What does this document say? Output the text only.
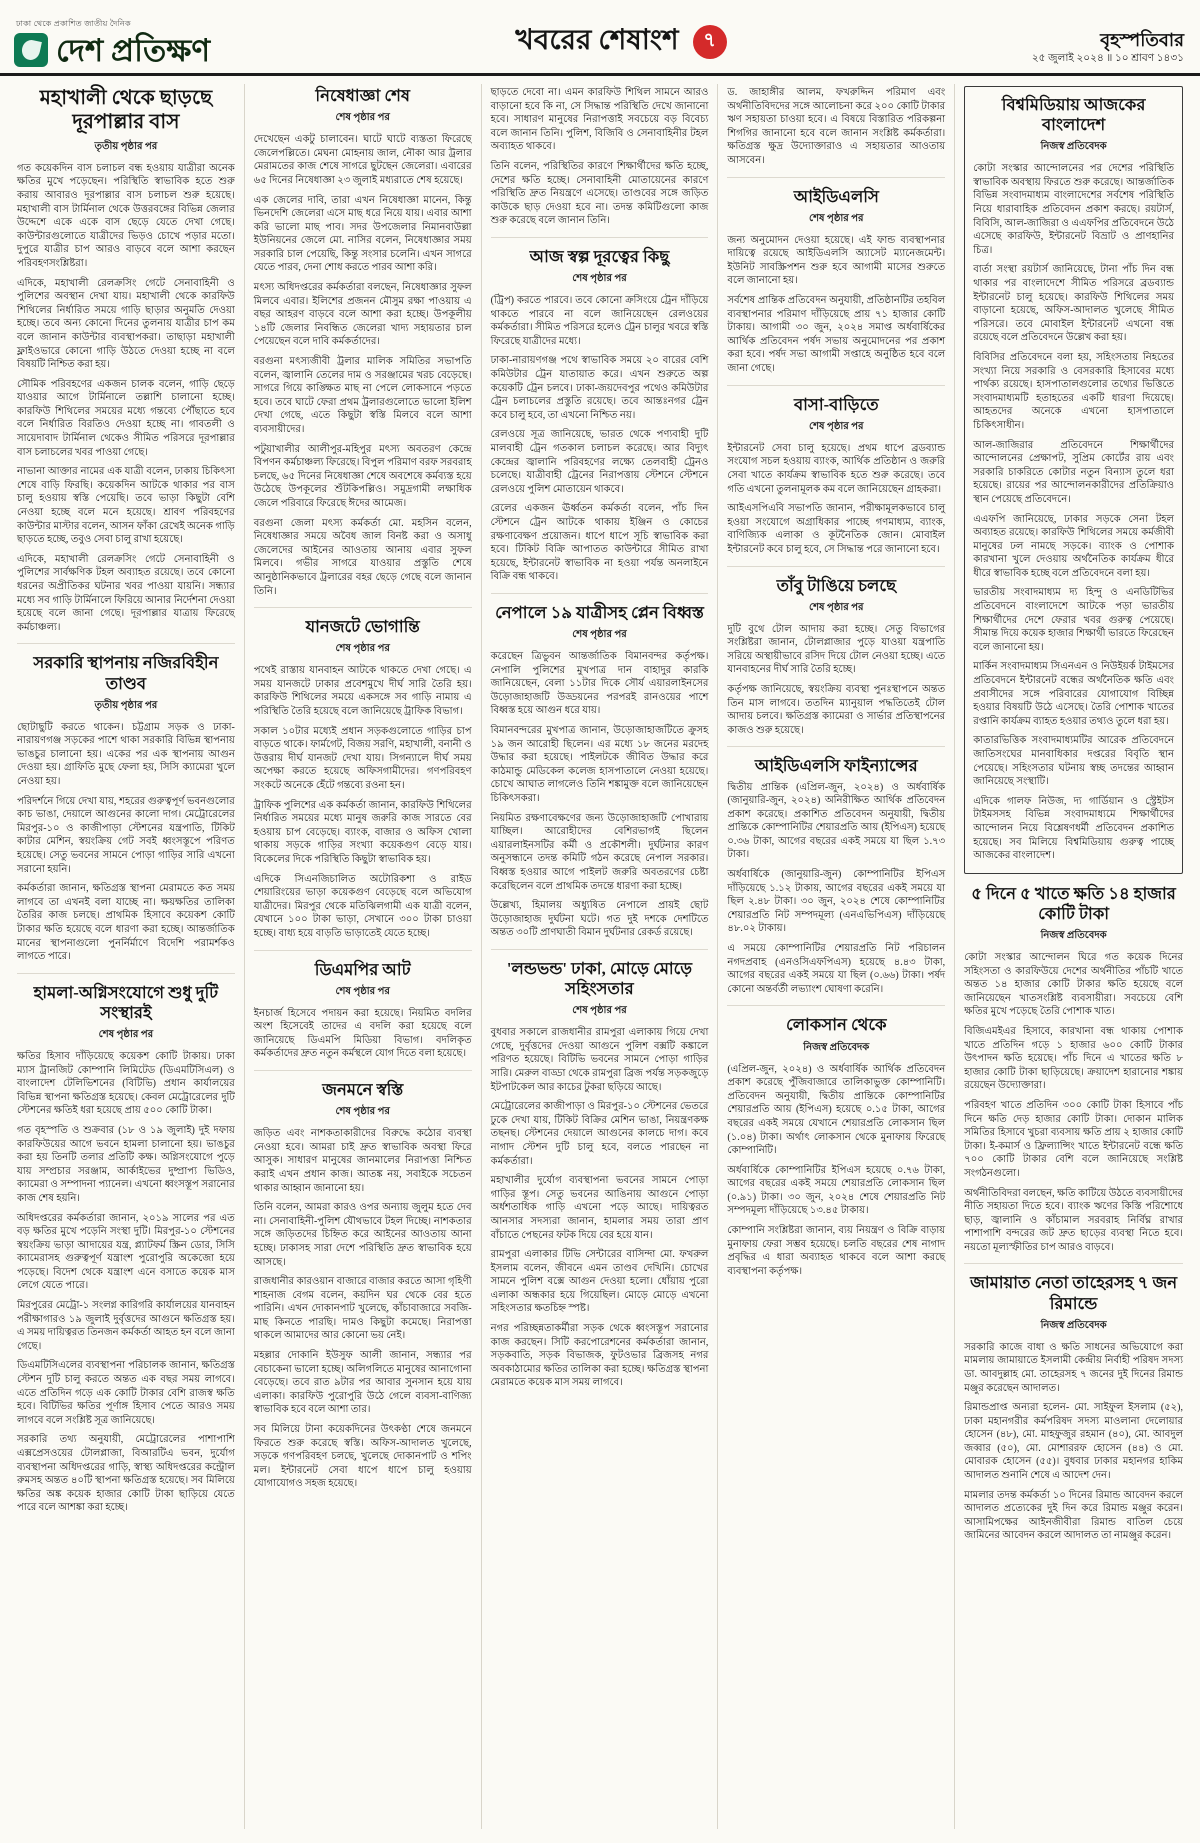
ঢাকা থেকে প্রকাশিত জাতীয় দৈনিক
দেশ প্রতিক্ষণ	খবরের শেষাংশ	৭	বৃহস্পতিবার
২৫ জুলাই ২০২৪ ॥ ১০ শ্রাবণ ১৪৩১
মহাখালী থেকে ছাড়ছে দূরপাল্লার বাস
তৃতীয় পৃষ্ঠার পর

গত কয়েকদিন বাস চলাচল বন্ধ হওয়ায় যাত্রীরা অনেক ক্ষতির মুখে পড়েছেন। পরিস্থিতি স্বাভাবিক হতে শুরু করায় আবারও দূরপাল্লার বাস চলাচল শুরু হয়েছে। মহাখালী বাস টার্মিনাল থেকে উত্তরবঙ্গের বিভিন্ন জেলার উদ্দেশে একে একে বাস ছেড়ে যেতে দেখা গেছে। কাউন্টারগুলোতে যাত্রীদের ভিড়ও চোখে পড়ার মতো। দুপুরে যাত্রীর চাপ আরও বাড়বে বলে আশা করছেন পরিবহণসংশ্লিষ্টরা।

এদিকে, মহাখালী রেলক্রসিং গেটে সেনাবাহিনী ও পুলিশের অবস্থান দেখা যায়। মহাখালী থেকে কারফিউ শিথিলের নির্ধারিত সময়ে গাড়ি ছাড়ার অনুমতি দেওয়া হচ্ছে। তবে অন্য কোনো দিনের তুলনায় যাত্রীর চাপ কম বলে জানান কাউন্টার ব্যবস্থাপকরা। তাছাড়া মহাখালী ফ্লাইওভারে কোনো গাড়ি উঠতে দেওয়া হচ্ছে না বলে বিষয়টি নিশ্চিত করা হয়।

সৌমিক পরিবহণের একজন চালক বলেন, গাড়ি ছেড়ে যাওয়ার আগে টার্মিনালে তল্লাশি চালানো হচ্ছে। কারফিউ শিথিলের সময়ের মধ্যে গন্তব্যে পৌঁছাতে হবে বলে নির্ধারিত বিরতিও দেওয়া হচ্ছে না। গাবতলী ও সায়েদাবাদ টার্মিনাল থেকেও সীমিত পরিসরে দূরপাল্লার বাস চলাচলের খবর পাওয়া গেছে।

নাভানা আক্তার নামের এক যাত্রী বলেন, ঢাকায় চিকিৎসা শেষে বাড়ি ফিরছি। কয়েকদিন আটকে থাকার পর বাস চালু হওয়ায় স্বস্তি পেয়েছি। তবে ভাড়া কিছুটা বেশি নেওয়া হচ্ছে বলে মনে হয়েছে। শ্রাবণ পরিবহণের কাউন্টার মাস্টার বলেন, আসন ফাঁকা রেখেই অনেক গাড়ি ছাড়তে হচ্ছে, তবুও সেবা চালু রাখা হয়েছে।

এদিকে, মহাখালী রেলক্রসিং গেটে সেনাবাহিনী ও পুলিশের সার্বক্ষণিক টহল অব্যাহত রয়েছে। তবে কোনো ধরনের অপ্রীতিকর ঘটনার খবর পাওয়া যায়নি। সন্ধ্যার মধ্যে সব গাড়ি টার্মিনালে ফিরিয়ে আনার নির্দেশনা দেওয়া হয়েছে বলে জানা গেছে। দূরপাল্লার যাত্রায় ফিরেছে কর্মচাঞ্চল্য।

সরকারি স্থাপনায় নজিরবিহীন তাণ্ডব
তৃতীয় পৃষ্ঠার পর

ছোটাছুটি করতে থাকেন। চট্টগ্রাম সড়ক ও ঢাকা-নারায়ণগঞ্জ সড়কের পাশে থাকা সরকারি বিভিন্ন স্থাপনায় ভাঙচুর চালানো হয়। একের পর এক স্থাপনায় আগুন দেওয়া হয়। গ্রাফিতি মুছে ফেলা হয়, সিসি ক্যামেরা খুলে নেওয়া হয়।

পরিদর্শনে গিয়ে দেখা যায়, শহরের গুরুত্বপূর্ণ ভবনগুলোর কাচ ভাঙা, দেয়ালে আগুনের কালো দাগ। মেট্রোরেলের মিরপুর-১০ ও কাজীপাড়া স্টেশনের যন্ত্রপাতি, টিকিট কাটার মেশিন, স্বয়ংক্রিয় গেট সবই ধ্বংসস্তূপে পরিণত হয়েছে। সেতু ভবনের সামনে পোড়া গাড়ির সারি এখনো সরানো হয়নি।

কর্মকর্তারা জানান, ক্ষতিগ্রস্ত স্থাপনা মেরামতে কত সময় লাগবে তা এখনই বলা যাচ্ছে না। ক্ষয়ক্ষতির তালিকা তৈরির কাজ চলছে। প্রাথমিক হিসাবে কয়েকশ কোটি টাকার ক্ষতি হয়েছে বলে ধারণা করা হচ্ছে। আন্তর্জাতিক মানের স্থাপনাগুলো পুনর্নির্মাণে বিদেশি পরামর্শকও লাগতে পারে।

হামলা-অগ্নিসংযোগে শুধু দুটি সংস্থারই
শেষ পৃষ্ঠার পর

ক্ষতির হিসাব দাঁড়িয়েছে কয়েকশ কোটি টাকায়। ঢাকা ম্যাস ট্রানজিট কোম্পানি লিমিটেড (ডিএমটিসিএল) ও বাংলাদেশ টেলিভিশনের (বিটিভি) প্রধান কার্যালয়ের বিভিন্ন স্থাপনা ক্ষতিগ্রস্ত হয়েছে। কেবল মেট্রোরেলের দুটি স্টেশনের ক্ষতিই ধরা হয়েছে প্রায় ৫০০ কোটি টাকা।

গত বৃহস্পতি ও শুক্রবার (১৮ ও ১৯ জুলাই) দুই দফায় কারফিউয়ের আগে ভবনে হামলা চালানো হয়। ভাঙচুর করা হয় তিনটি তলার প্রতিটি কক্ষ। অগ্নিসংযোগে পুড়ে যায় সম্প্রচার সরঞ্জাম, আর্কাইভের দুষ্প্রাপ্য ভিডিও, ক্যামেরা ও সম্পাদনা প্যানেল। এখনো ধ্বংসস্তূপ সরানোর কাজ শেষ হয়নি।

অধিদপ্তরের কর্মকর্তারা জানান, ২০১৯ সালের পর এত বড় ক্ষতির মুখে পড়েনি সংস্থা দুটি। মিরপুর-১০ স্টেশনের স্বয়ংক্রিয় ভাড়া আদায়ের যন্ত্র, প্ল্যাটফর্ম স্ক্রিন ডোর, সিসি ক্যামেরাসহ গুরুত্বপূর্ণ যন্ত্রাংশ পুরোপুরি অকেজো হয়ে পড়েছে। বিদেশ থেকে যন্ত্রাংশ এনে বসাতে কয়েক মাস লেগে যেতে পারে।

মিরপুরের মেট্রো-১ সংলগ্ন কারিগরি কার্যালয়ের যানবাহন পরীক্ষাগারও ১৯ জুলাই দুর্বৃত্তদের আগুনে ক্ষতিগ্রস্ত হয়। এ সময় দায়িত্বরত তিনজন কর্মকর্তা আহত হন বলে জানা গেছে।

ডিএমটিসিএলের ব্যবস্থাপনা পরিচালক জানান, ক্ষতিগ্রস্ত স্টেশন দুটি চালু করতে অন্তত এক বছর সময় লাগবে। এতে প্রতিদিন গড়ে এক কোটি টাকার বেশি রাজস্ব ক্ষতি হবে। বিটিভির ক্ষতির পূর্ণাঙ্গ হিসাব পেতে আরও সময় লাগবে বলে সংশ্লিষ্ট সূত্র জানিয়েছে।

সরকারি তথ্য অনুযায়ী, মেট্রোরেলের পাশাপাশি এক্সপ্রেসওয়ের টোলপ্লাজা, বিআরটিএ ভবন, দুর্যোগ ব্যবস্থাপনা অধিদপ্তরের গাড়ি, স্বাস্থ্য অধিদপ্তরের কন্ট্রোল রুমসহ অন্তত ৪০টি স্থাপনা ক্ষতিগ্রস্ত হয়েছে। সব মিলিয়ে ক্ষতির অঙ্ক কয়েক হাজার কোটি টাকা ছাড়িয়ে যেতে পারে বলে আশঙ্কা করা হচ্ছে।

নিষেধাজ্ঞা শেষ
শেষ পৃষ্ঠার পর

দেখেছেন একটু চালাবেন। ঘাটে ঘাটে ব্যস্ততা ফিরেছে জেলেপল্লিতে। মেঘনা মোহনায় জাল, নৌকা আর ট্রলার মেরামতের কাজ শেষে সাগরে ছুটছেন জেলেরা। এবারের ৬৫ দিনের নিষেধাজ্ঞা ২৩ জুলাই মধ্যরাতে শেষ হয়েছে।

এক জেলের দাবি, তারা এখন নিষেধাজ্ঞা মানেন, কিন্তু ভিনদেশি জেলেরা এসে মাছ ধরে নিয়ে যায়। এবার আশা করি ভালো মাছ পাব। সদর উপজেলার নিমানবাউল্লা ইউনিয়নের জেলে মো. নাসির বলেন, নিষেধাজ্ঞার সময় সরকারি চাল পেয়েছি, কিন্তু সংসার চলেনি। এখন সাগরে যেতে পারব, দেনা শোধ করতে পারব আশা করি।

মৎস্য অধিদপ্তরের কর্মকর্তারা বলছেন, নিষেধাজ্ঞার সুফল মিলবে এবার। ইলিশের প্রজনন মৌসুম রক্ষা পাওয়ায় এ বছর আহরণ বাড়বে বলে আশা করা হচ্ছে। উপকূলীয় ১৪টি জেলার নিবন্ধিত জেলেরা খাদ্য সহায়তার চাল পেয়েছেন বলে দাবি কর্মকর্তাদের।

বরগুনা মৎস্যজীবী ট্রলার মালিক সমিতির সভাপতি বলেন, জ্বালানি তেলের দাম ও সরঞ্জামের খরচ বেড়েছে। সাগরে গিয়ে কাঙ্ক্ষিত মাছ না পেলে লোকসানে পড়তে হবে। তবে ঘাটে ফেরা প্রথম ট্রলারগুলোতে ভালো ইলিশ দেখা গেছে, এতে কিছুটা স্বস্তি মিলবে বলে আশা ব্যবসায়ীদের।

পটুয়াখালীর আলীপুর-মহিপুর মৎস্য অবতরণ কেন্দ্রে বিপণন কর্মচাঞ্চল্য ফিরেছে। বিপুল পরিমাণ বরফ সরবরাহ চলছে, ৬৫ দিনের নিষেধাজ্ঞা শেষে অবশেষে কর্মব্যস্ত হয়ে উঠেছে উপকূলের শুঁটকিপল্লিও। সমুদ্রগামী লক্ষাধিক জেলে পরিবারে ফিরেছে ঈদের আমেজ।

বরগুনা জেলা মৎস্য কর্মকর্তা মো. মহসিন বলেন, নিষেধাজ্ঞার সময়ে অবৈধ জাল বিনষ্ট করা ও অসাধু জেলেদের আইনের আওতায় আনায় এবার সুফল মিলবে। গভীর সাগরে যাওয়ার প্রস্তুতি শেষে আনুষ্ঠানিকভাবে ট্রলারের বহর ছেড়ে গেছে বলে জানান তিনি।

যানজটে ভোগান্তি
শেষ পৃষ্ঠার পর

পথেই রাস্তায় যানবাহন আটকে থাকতে দেখা গেছে। এ সময় যানজটে ঢাকার প্রবেশমুখে দীর্ঘ সারি তৈরি হয়। কারফিউ শিথিলের সময়ে একসঙ্গে সব গাড়ি নামায় এ পরিস্থিতি তৈরি হয়েছে বলে জানিয়েছে ট্রাফিক বিভাগ।

সকাল ১০টার মধ্যেই প্রধান সড়কগুলোতে গাড়ির চাপ বাড়তে থাকে। ফার্মগেট, বিজয় সরণি, মহাখালী, বনানী ও উত্তরায় দীর্ঘ যানজট দেখা যায়। সিগন্যালে দীর্ঘ সময় অপেক্ষা করতে হয়েছে অফিসগামীদের। গণপরিবহণ সংকটে অনেকে হেঁটে গন্তব্যে রওনা হন।

ট্রাফিক পুলিশের এক কর্মকর্তা জানান, কারফিউ শিথিলের নির্ধারিত সময়ের মধ্যে মানুষ জরুরি কাজ সারতে বের হওয়ায় চাপ বেড়েছে। ব্যাংক, বাজার ও অফিস খোলা থাকায় সড়কে গাড়ির সংখ্যা কয়েকগুণ বেড়ে যায়। বিকেলের দিকে পরিস্থিতি কিছুটা স্বাভাবিক হয়।

এদিকে সিএনজিচালিত অটোরিকশা ও রাইড শেয়ারিংয়ের ভাড়া কয়েকগুণ বেড়েছে বলে অভিযোগ যাত্রীদের। মিরপুর থেকে মতিঝিলগামী এক যাত্রী বলেন, যেখানে ১০০ টাকা ভাড়া, সেখানে ৩০০ টাকা চাওয়া হচ্ছে। বাধ্য হয়ে বাড়তি ভাড়াতেই যেতে হচ্ছে।

ডিএমপির আট
শেষ পৃষ্ঠার পর

ইনচার্জ হিসেবে পদায়ন করা হয়েছে। নিয়মিত বদলির অংশ হিসেবেই তাদের এ বদলি করা হয়েছে বলে জানিয়েছে ডিএমপি মিডিয়া বিভাগ। বদলিকৃত কর্মকর্তাদের দ্রুত নতুন কর্মস্থলে যোগ দিতে বলা হয়েছে।

জনমনে স্বস্তি
শেষ পৃষ্ঠার পর

জড়িত এবং নাশকতাকারীদের বিরুদ্ধে কঠোর ব্যবস্থা নেওয়া হবে। আমরা চাই দ্রুত স্বাভাবিক অবস্থা ফিরে আসুক। সাধারণ মানুষের জানমালের নিরাপত্তা নিশ্চিত করাই এখন প্রধান কাজ। আতঙ্ক নয়, সবাইকে সচেতন থাকার আহ্বান জানানো হয়।

তিনি বলেন, আমরা কারও ওপর অন্যায় জুলুম হতে দেব না। সেনাবাহিনী-পুলিশ যৌথভাবে টহল দিচ্ছে। নাশকতার সঙ্গে জড়িতদের চিহ্নিত করে আইনের আওতায় আনা হচ্ছে। ঢাকাসহ সারা দেশে পরিস্থিতি দ্রুত স্বাভাবিক হয়ে আসছে।

রাজধানীর কারওয়ান বাজারে বাজার করতে আসা গৃহিণী শাহনাজ বেগম বলেন, কয়দিন ঘর থেকে বের হতে পারিনি। এখন দোকানপাট খুলেছে, কাঁচাবাজারে সবজি-মাছ কিনতে পারছি। দামও কিছুটা কমেছে। নিরাপত্তা থাকলে আমাদের আর কোনো ভয় নেই।

মহল্লার দোকানি ইউসুফ আলী জানান, সন্ধ্যার পর বেচাকেনা ভালো হচ্ছে। অলিগলিতে মানুষের আনাগোনা বেড়েছে। তবে রাত ৯টার পর আবার সুনসান হয়ে যায় এলাকা। কারফিউ পুরোপুরি উঠে গেলে ব্যবসা-বাণিজ্য স্বাভাবিক হবে বলে আশা তার।

সব মিলিয়ে টানা কয়েকদিনের উৎকণ্ঠা শেষে জনমনে ফিরতে শুরু করেছে স্বস্তি। অফিস-আদালত খুলেছে, সড়কে গণপরিবহণ চলছে, খুলেছে দোকানপাট ও শপিং মল। ইন্টারনেট সেবা ধাপে ধাপে চালু হওয়ায় যোগাযোগও সহজ হয়েছে।

ছাড়তে দেবো না। এমন কারফিউ শিথিল সামনে আরও বাড়ানো হবে কি না, সে সিদ্ধান্ত পরিস্থিতি দেখে জানানো হবে। সাধারণ মানুষের নিরাপত্তাই সবচেয়ে বড় বিবেচ্য বলে জানান তিনি। পুলিশ, বিজিবি ও সেনাবাহিনীর টহল অব্যাহত থাকবে।

তিনি বলেন, পরিস্থিতির কারণে শিক্ষার্থীদের ক্ষতি হচ্ছে, দেশের ক্ষতি হচ্ছে। সেনাবাহিনী মোতায়েনের কারণে পরিস্থিতি দ্রুত নিয়ন্ত্রণে এসেছে। তাণ্ডবের সঙ্গে জড়িত কাউকে ছাড় দেওয়া হবে না। তদন্ত কমিটিগুলো কাজ শুরু করেছে বলে জানান তিনি।

আজ স্বল্প দূরত্বের কিছু
শেষ পৃষ্ঠার পর

(ট্রিপ) করতে পারবে। তবে কোনো ক্রসিংয়ে ট্রেন দাঁড়িয়ে থাকতে পারবে না বলে জানিয়েছেন রেলওয়ের কর্মকর্তারা। সীমিত পরিসরে হলেও ট্রেন চালুর খবরে স্বস্তি ফিরেছে যাত্রীদের মধ্যে।

ঢাকা-নারায়ণগঞ্জ পথে স্বাভাবিক সময়ে ২০ বারের বেশি কমিউটার ট্রেন যাতায়াত করে। এখন শুরুতে অল্প কয়েকটি ট্রেন চলবে। ঢাকা-জয়দেবপুর পথেও কমিউটার ট্রেন চলাচলের প্রস্তুতি রয়েছে। তবে আন্তঃনগর ট্রেন কবে চালু হবে, তা এখনো নিশ্চিত নয়।

রেলওয়ে সূত্র জানিয়েছে, ভারত থেকে পণ্যবাহী দুটি মালবাহী ট্রেন গতকাল চলাচল করেছে। আর বিদ্যুৎ কেন্দ্রের জ্বালানি পরিবহণের লক্ষ্যে তেলবাহী ট্রেনও চলেছে। যাত্রীবাহী ট্রেনের নিরাপত্তায় স্টেশনে স্টেশনে রেলওয়ে পুলিশ মোতায়েন থাকবে।

রেলের একজন ঊর্ধ্বতন কর্মকর্তা বলেন, পাঁচ দিন স্টেশনে ট্রেন আটকে থাকায় ইঞ্জিন ও কোচের রক্ষণাবেক্ষণ প্রয়োজন। ধাপে ধাপে সূচি স্বাভাবিক করা হবে। টিকিট বিক্রি আপাতত কাউন্টারে সীমিত রাখা হয়েছে, ইন্টারনেট স্বাভাবিক না হওয়া পর্যন্ত অনলাইনে বিক্রি বন্ধ থাকবে।

নেপালে ১৯ যাত্রীসহ প্লেন বিধ্বস্ত
শেষ পৃষ্ঠার পর

করেছেন ত্রিভুবন আন্তর্জাতিক বিমানবন্দর কর্তৃপক্ষ। নেপালি পুলিশের মুখপাত্র দান বাহাদুর কারকি জানিয়েছেন, বেলা ১১টার দিকে সৌর্য এয়ারলাইনসের উড়োজাহাজটি উড্ডয়নের পরপরই রানওয়ের পাশে বিধ্বস্ত হয়ে আগুন ধরে যায়।

বিমানবন্দরের মুখপাত্র জানান, উড়োজাহাজটিতে ক্রুসহ ১৯ জন আরোহী ছিলেন। এর মধ্যে ১৮ জনের মরদেহ উদ্ধার করা হয়েছে। পাইলটকে জীবিত উদ্ধার করে কাঠমান্ডু মেডিকেল কলেজ হাসপাতালে নেওয়া হয়েছে। চোখে আঘাত লাগলেও তিনি শঙ্কামুক্ত বলে জানিয়েছেন চিকিৎসকরা।

নিয়মিত রক্ষণাবেক্ষণের জন্য উড়োজাহাজটি পোখারায় যাচ্ছিল। আরোহীদের বেশিরভাগই ছিলেন এয়ারলাইনসটির কর্মী ও প্রকৌশলী। দুর্ঘটনার কারণ অনুসন্ধানে তদন্ত কমিটি গঠন করেছে নেপাল সরকার। বিধ্বস্ত হওয়ার আগে পাইলট জরুরি অবতরণের চেষ্টা করেছিলেন বলে প্রাথমিক তদন্তে ধারণা করা হচ্ছে।

উল্লেখ্য, হিমালয় অধ্যুষিত নেপালে প্রায়ই ছোট উড়োজাহাজ দুর্ঘটনা ঘটে। গত দুই দশকে দেশটিতে অন্তত ৩০টি প্রাণঘাতী বিমান দুর্ঘটনার রেকর্ড রয়েছে।

'লন্ডভন্ড' ঢাকা, মোড়ে মোড়ে সহিংসতার
শেষ পৃষ্ঠার পর

বুধবার সকালে রাজধানীর রামপুরা এলাকায় গিয়ে দেখা গেছে, দুর্বৃত্তদের দেওয়া আগুনে পুলিশ বক্সটি কঙ্কালে পরিণত হয়েছে। বিটিভি ভবনের সামনে পোড়া গাড়ির সারি। মেরুল বাড্ডা থেকে রামপুরা ব্রিজ পর্যন্ত সড়কজুড়ে ইটপাটকেল আর কাচের টুকরা ছড়িয়ে আছে।

মেট্রোরেলের কাজীপাড়া ও মিরপুর-১০ স্টেশনের ভেতরে ঢুকে দেখা যায়, টিকিট বিক্রির মেশিন ভাঙা, নিয়ন্ত্রণকক্ষ তছনছ। স্টেশনের দেয়ালে আগুনের কালচে দাগ। কবে নাগাদ স্টেশন দুটি চালু হবে, বলতে পারছেন না কর্মকর্তারা।

মহাখালীর দুর্যোগ ব্যবস্থাপনা ভবনের সামনে পোড়া গাড়ির স্তূপ। সেতু ভবনের আঙিনায় আগুনে পোড়া অর্ধশতাধিক গাড়ি এখনো পড়ে আছে। দায়িত্বরত আনসার সদস্যরা জানান, হামলার সময় তারা প্রাণ বাঁচাতে পেছনের ফটক দিয়ে বের হয়ে যান।

রামপুরা এলাকার টিভি সেন্টারের বাসিন্দা মো. ফখরুল ইসলাম বলেন, জীবনে এমন তাণ্ডব দেখিনি। চোখের সামনে পুলিশ বক্সে আগুন দেওয়া হলো। ধোঁয়ায় পুরো এলাকা অন্ধকার হয়ে গিয়েছিল। মোড়ে মোড়ে এখনো সহিংসতার ক্ষতচিহ্ন স্পষ্ট।

নগর পরিচ্ছন্নতাকর্মীরা সড়ক থেকে ধ্বংসস্তূপ সরানোর কাজ করছেন। সিটি করপোরেশনের কর্মকর্তারা জানান, সড়কবাতি, সড়ক বিভাজক, ফুটওভার ব্রিজসহ নগর অবকাঠামোর ক্ষতির তালিকা করা হচ্ছে। ক্ষতিগ্রস্ত স্থাপনা মেরামতে কয়েক মাস সময় লাগবে।

ড. জাহাঙ্গীর আলম, ফখরুদ্দিন পরিমাণ এবং অর্থনীতিবিদদের সঙ্গে আলোচনা করে ২০০ কোটি টাকার ঋণ সহায়তা চাওয়া হবে। এ বিষয়ে বিস্তারিত পরিকল্পনা শিগগির জানানো হবে বলে জানান সংশ্লিষ্ট কর্মকর্তারা। ক্ষতিগ্রস্ত ক্ষুদ্র উদ্যোক্তারাও এ সহায়তার আওতায় আসবেন।

আইডিএলসি
শেষ পৃষ্ঠার পর

জন্য অনুমোদন দেওয়া হয়েছে। এই ফান্ড ব্যবস্থাপনার দায়িত্বে রয়েছে আইডিএলসি অ্যাসেট ম্যানেজমেন্ট। ইউনিট সাবস্ক্রিপশন শুরু হবে আগামী মাসের শুরুতে বলে জানানো হয়।

সর্বশেষ প্রান্তিক প্রতিবেদন অনুযায়ী, প্রতিষ্ঠানটির তহবিল ব্যবস্থাপনার পরিমাণ দাঁড়িয়েছে প্রায় ৭১ হাজার কোটি টাকায়। আগামী ৩০ জুন, ২০২৪ সমাপ্ত অর্ধবার্ষিকের আর্থিক প্রতিবেদন পর্ষদ সভায় অনুমোদনের পর প্রকাশ করা হবে। পর্ষদ সভা আগামী সপ্তাহে অনুষ্ঠিত হবে বলে জানা গেছে।

বাসা-বাড়িতে
শেষ পৃষ্ঠার পর

ইন্টারনেট সেবা চালু হয়েছে। প্রথম ধাপে ব্রডব্যান্ড সংযোগ সচল হওয়ায় ব্যাংক, আর্থিক প্রতিষ্ঠান ও জরুরি সেবা খাতে কার্যক্রম স্বাভাবিক হতে শুরু করেছে। তবে গতি এখনো তুলনামূলক কম বলে জানিয়েছেন গ্রাহকরা।

আইএসপিএবি সভাপতি জানান, পরীক্ষামূলকভাবে চালু হওয়া সংযোগে অগ্রাধিকার পাচ্ছে গণমাধ্যম, ব্যাংক, বাণিজ্যিক এলাকা ও কূটনৈতিক জোন। মোবাইল ইন্টারনেট কবে চালু হবে, সে সিদ্ধান্ত পরে জানানো হবে।

তাঁবু টাঙিয়ে চলছে
শেষ পৃষ্ঠার পর

দুটি বুথে টোল আদায় করা হচ্ছে। সেতু বিভাগের সংশ্লিষ্টরা জানান, টোলপ্লাজার পুড়ে যাওয়া যন্ত্রপাতি সরিয়ে অস্থায়ীভাবে রসিদ দিয়ে টোল নেওয়া হচ্ছে। এতে যানবাহনের দীর্ঘ সারি তৈরি হচ্ছে।

কর্তৃপক্ষ জানিয়েছে, স্বয়ংক্রিয় ব্যবস্থা পুনঃস্থাপনে অন্তত তিন মাস লাগবে। ততদিন ম্যানুয়াল পদ্ধতিতেই টোল আদায় চলবে। ক্ষতিগ্রস্ত ক্যামেরা ও সার্ভার প্রতিস্থাপনের কাজও শুরু হয়েছে।

আইডিএলসি ফাইন্যান্সের

দ্বিতীয় প্রান্তিক (এপ্রিল-জুন, ২০২৪) ও অর্ধবার্ষিক (জানুয়ারি-জুন, ২০২৪) অনিরীক্ষিত আর্থিক প্রতিবেদন প্রকাশ করেছে। প্রকাশিত প্রতিবেদন অনুযায়ী, দ্বিতীয় প্রান্তিকে কোম্পানিটির শেয়ারপ্রতি আয় (ইপিএস) হয়েছে ০.৩৬ টাকা, আগের বছরের একই সময়ে যা ছিল ১.৭৩ টাকা।

অর্ধবার্ষিকে (জানুয়ারি-জুন) কোম্পানিটির ইপিএস দাঁড়িয়েছে ১.১২ টাকায়, আগের বছরের একই সময়ে যা ছিল ২.৪৮ টাকা। ৩০ জুন, ২০২৪ শেষে কোম্পানিটির শেয়ারপ্রতি নিট সম্পদমূল্য (এনএভিপিএস) দাঁড়িয়েছে ৪৮.০২ টাকায়।

এ সময়ে কোম্পানিটির শেয়ারপ্রতি নিট পরিচালন নগদপ্রবাহ (এনওসিএফপিএস) হয়েছে ৪.৪৩ টাকা, আগের বছরের একই সময়ে যা ছিল (০.৬৬) টাকা। পর্ষদ কোনো অন্তর্বর্তী লভ্যাংশ ঘোষণা করেনি।

লোকসান থেকে
নিজস্ব প্রতিবেদক

(এপ্রিল-জুন, ২০২৪) ও অর্ধবার্ষিক আর্থিক প্রতিবেদন প্রকাশ করেছে পুঁজিবাজারে তালিকাভুক্ত কোম্পানিটি। প্রতিবেদন অনুযায়ী, দ্বিতীয় প্রান্তিকে কোম্পানিটির শেয়ারপ্রতি আয় (ইপিএস) হয়েছে ০.১৫ টাকা, আগের বছরের একই সময়ে যেখানে শেয়ারপ্রতি লোকসান ছিল (১.০৪) টাকা। অর্থাৎ লোকসান থেকে মুনাফায় ফিরেছে কোম্পানিটি।

অর্ধবার্ষিকে কোম্পানিটির ইপিএস হয়েছে ০.৭৬ টাকা, আগের বছরের একই সময়ে শেয়ারপ্রতি লোকসান ছিল (০.৯১) টাকা। ৩০ জুন, ২০২৪ শেষে শেয়ারপ্রতি নিট সম্পদমূল্য দাঁড়িয়েছে ১৩.৪৫ টাকায়।

কোম্পানি সংশ্লিষ্টরা জানান, ব্যয় নিয়ন্ত্রণ ও বিক্রি বাড়ায় মুনাফায় ফেরা সম্ভব হয়েছে। চলতি বছরের শেষ নাগাদ প্রবৃদ্ধির এ ধারা অব্যাহত থাকবে বলে আশা করছে ব্যবস্থাপনা কর্তৃপক্ষ।

বিশ্বমিডিয়ায় আজকের বাংলাদেশ
নিজস্ব প্রতিবেদক

কোটা সংস্কার আন্দোলনের পর দেশের পরিস্থিতি স্বাভাবিক অবস্থায় ফিরতে শুরু করেছে। আন্তর্জাতিক বিভিন্ন সংবাদমাধ্যম বাংলাদেশের সর্বশেষ পরিস্থিতি নিয়ে ধারাবাহিক প্রতিবেদন প্রকাশ করছে। রয়টার্স, বিবিসি, আল-জাজিরা ও এএফপির প্রতিবেদনে উঠে এসেছে কারফিউ, ইন্টারনেট বিভ্রাট ও প্রাণহানির চিত্র।

বার্তা সংস্থা রয়টার্স জানিয়েছে, টানা পাঁচ দিন বন্ধ থাকার পর বাংলাদেশে সীমিত পরিসরে ব্রডব্যান্ড ইন্টারনেট চালু হয়েছে। কারফিউ শিথিলের সময় বাড়ানো হয়েছে, অফিস-আদালত খুলেছে সীমিত পরিসরে। তবে মোবাইল ইন্টারনেট এখনো বন্ধ রয়েছে বলে প্রতিবেদনে উল্লেখ করা হয়।

বিবিসির প্রতিবেদনে বলা হয়, সহিংসতায় নিহতের সংখ্যা নিয়ে সরকারি ও বেসরকারি হিসাবের মধ্যে পার্থক্য রয়েছে। হাসপাতালগুলোর তথ্যের ভিত্তিতে সংবাদমাধ্যমটি হতাহতের একটি ধারণা দিয়েছে। আহতদের অনেকে এখনো হাসপাতালে চিকিৎসাধীন।

আল-জাজিরার প্রতিবেদনে শিক্ষার্থীদের আন্দোলনের প্রেক্ষাপট, সুপ্রিম কোর্টের রায় এবং সরকারি চাকরিতে কোটার নতুন বিন্যাস তুলে ধরা হয়েছে। রায়ের পর আন্দোলনকারীদের প্রতিক্রিয়াও স্থান পেয়েছে প্রতিবেদনে।

এএফপি জানিয়েছে, ঢাকার সড়কে সেনা টহল অব্যাহত রয়েছে। কারফিউ শিথিলের সময়ে কর্মজীবী মানুষের ঢল নামছে সড়কে। ব্যাংক ও পোশাক কারখানা খুলে দেওয়ায় অর্থনৈতিক কার্যক্রম ধীরে ধীরে স্বাভাবিক হচ্ছে বলে প্রতিবেদনে বলা হয়।

ভারতীয় সংবাদমাধ্যম দ্য হিন্দু ও এনডিটিভির প্রতিবেদনে বাংলাদেশে আটকে পড়া ভারতীয় শিক্ষার্থীদের দেশে ফেরার খবর গুরুত্ব পেয়েছে। সীমান্ত দিয়ে কয়েক হাজার শিক্ষার্থী ভারতে ফিরেছেন বলে জানানো হয়।

মার্কিন সংবাদমাধ্যম সিএনএন ও নিউইয়র্ক টাইমসের প্রতিবেদনে ইন্টারনেট বন্ধের অর্থনৈতিক ক্ষতি এবং প্রবাসীদের সঙ্গে পরিবারের যোগাযোগ বিচ্ছিন্ন হওয়ার বিষয়টি উঠে এসেছে। তৈরি পোশাক খাতের রপ্তানি কার্যক্রম ব্যাহত হওয়ার তথ্যও তুলে ধরা হয়।

কাতারভিত্তিক সংবাদমাধ্যমটির আরেক প্রতিবেদনে জাতিসংঘের মানবাধিকার দপ্তরের বিবৃতি স্থান পেয়েছে। সহিংসতার ঘটনায় স্বচ্ছ তদন্তের আহ্বান জানিয়েছে সংস্থাটি।

এদিকে গালফ নিউজ, দ্য গার্ডিয়ান ও স্ট্রেইটস টাইমসসহ বিভিন্ন সংবাদমাধ্যমে শিক্ষার্থীদের আন্দোলন নিয়ে বিশ্লেষণধর্মী প্রতিবেদন প্রকাশিত হয়েছে। সব মিলিয়ে বিশ্বমিডিয়ায় গুরুত্ব পাচ্ছে আজকের বাংলাদেশ।

৫ দিনে ৫ খাতে ক্ষতি ১৪ হাজার কোটি টাকা
নিজস্ব প্রতিবেদক

কোটা সংস্কার আন্দোলন ঘিরে গত কয়েক দিনের সহিংসতা ও কারফিউয়ে দেশের অর্থনীতির পাঁচটি খাতে অন্তত ১৪ হাজার কোটি টাকার ক্ষতি হয়েছে বলে জানিয়েছেন খাতসংশ্লিষ্ট ব্যবসায়ীরা। সবচেয়ে বেশি ক্ষতির মুখে পড়েছে তৈরি পোশাক খাত।

বিজিএমইএর হিসাবে, কারখানা বন্ধ থাকায় পোশাক খাতে প্রতিদিন গড়ে ১ হাজার ৬০০ কোটি টাকার উৎপাদন ক্ষতি হয়েছে। পাঁচ দিনে এ খাতের ক্ষতি ৮ হাজার কোটি টাকা ছাড়িয়েছে। ক্রয়াদেশ হারানোর শঙ্কায় রয়েছেন উদ্যোক্তারা।

পরিবহণ খাতে প্রতিদিন ৩০০ কোটি টাকা হিসাবে পাঁচ দিনে ক্ষতি দেড় হাজার কোটি টাকা। দোকান মালিক সমিতির হিসাবে খুচরা ব্যবসায় ক্ষতি প্রায় ২ হাজার কোটি টাকা। ই-কমার্স ও ফ্রিল্যান্সিং খাতে ইন্টারনেট বন্ধে ক্ষতি ৭০০ কোটি টাকার বেশি বলে জানিয়েছে সংশ্লিষ্ট সংগঠনগুলো।

অর্থনীতিবিদরা বলছেন, ক্ষতি কাটিয়ে উঠতে ব্যবসায়ীদের নীতি সহায়তা দিতে হবে। ব্যাংক ঋণের কিস্তি পরিশোধে ছাড়, জ্বালানি ও কাঁচামাল সরবরাহ নির্বিঘ্ন রাখার পাশাপাশি বন্দরের জট দ্রুত ছাড়ের ব্যবস্থা নিতে হবে। নয়তো মূল্যস্ফীতির চাপ আরও বাড়বে।

জামায়াত নেতা তাহেরসহ ৭ জন রিমান্ডে
নিজস্ব প্রতিবেদক

সরকারি কাজে বাধা ও ক্ষতি সাধনের অভিযোগে করা মামলায় জামায়াতে ইসলামী কেন্দ্রীয় নির্বাহী পরিষদ সদস্য ডা. আবদুল্লাহ মো. তাহেরসহ ৭ জনের দুই দিনের রিমান্ড মঞ্জুর করেছেন আদালত।

রিমান্ডপ্রাপ্ত অন্যরা হলেন- মো. সাইফুল ইসলাম (৫২), ঢাকা মহানগরীর কর্মপরিষদ সদস্য মাওলানা দেলোয়ার হোসেন (৪৮), মো. মাহফুজুর রহমান (৪০), মো. আবদুল জব্বার (৫০), মো. মোশাররফ হোসেন (৪৪) ও মো. মোবারক হোসেন (৫৫)। বুধবার ঢাকার মহানগর হাকিম আদালত শুনানি শেষে এ আদেশ দেন।

মামলার তদন্ত কর্মকর্তা ১০ দিনের রিমান্ড আবেদন করলে আদালত প্রত্যেকের দুই দিন করে রিমান্ড মঞ্জুর করেন। আসামিপক্ষের আইনজীবীরা রিমান্ড বাতিল চেয়ে জামিনের আবেদন করলে আদালত তা নামঞ্জুর করেন।
